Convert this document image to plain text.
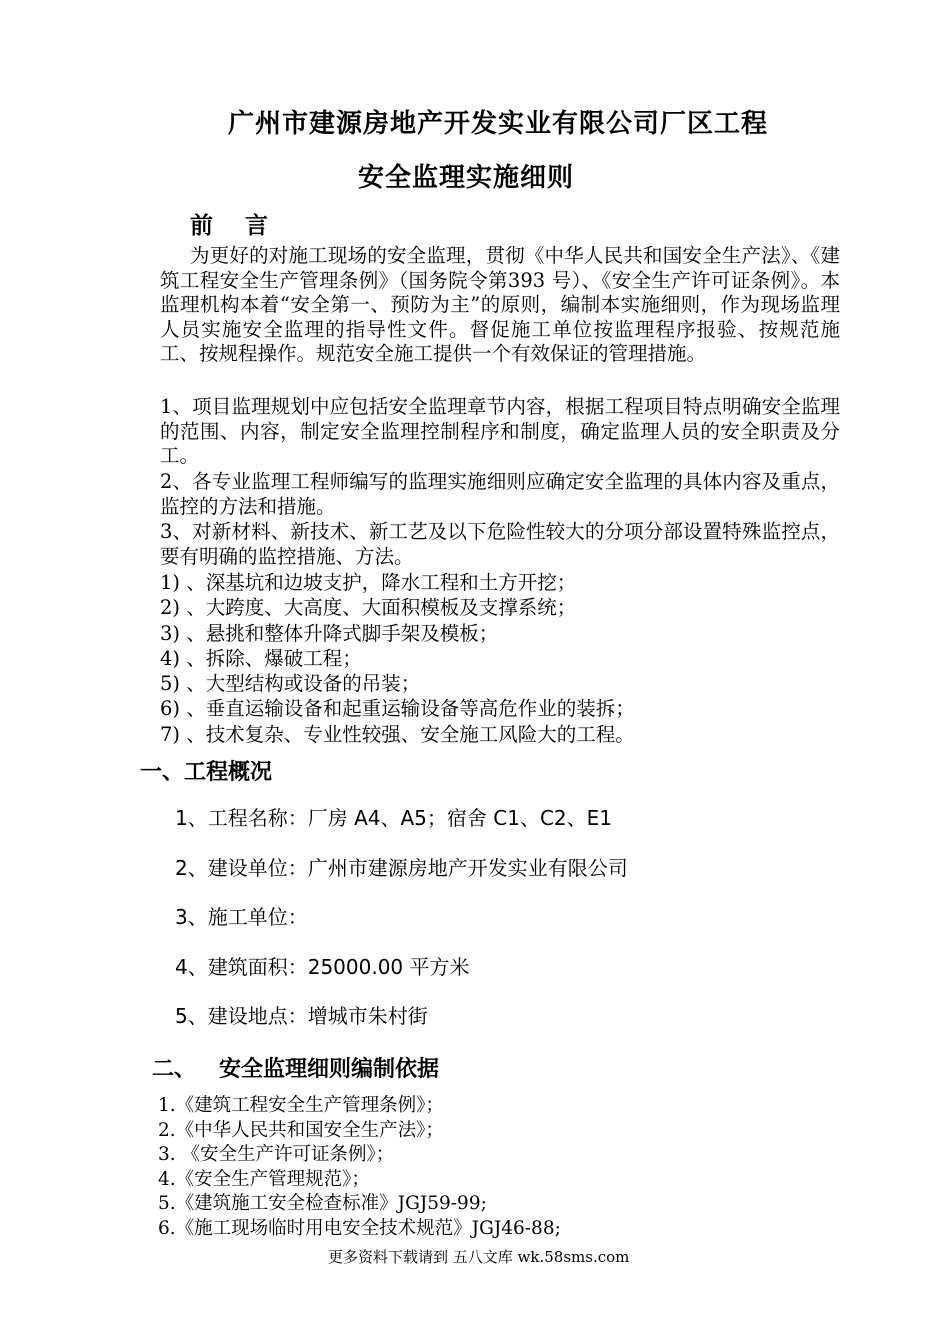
广州市建源房地产开发实业有限公司厂区工程
安全监理实施细则
前 言
为更好的对施工现场的安全监理，贯彻《中华人民共和国安全生产法》、《建筑工程安全生产管理条例》（国务院令第393 号）、《安全生产许可证条例》。本监理机构本着“安全第一、预防为主”的原则，编制本实施细则，作为现场监理人员实施安全监理的指导性文件。督促施工单位按监理程序报验、按规范施工、按规程操作。规范安全施工提供一个有效保证的管理措施。
1、项目监理规划中应包括安全监理章节内容，根据工程项目特点明确安全监理的范围、内容，制定安全监理控制程序和制度，确定监理人员的安全职责及分工。
2、各专业监理工程师编写的监理实施细则应确定安全监理的具体内容及重点，监控的方法和措施。
3、对新材料、新技术、新工艺及以下危险性较大的分项分部设置特殊监控点，要有明确的监控措施、方法。
1) 、深基坑和边坡支护，降水工程和土方开挖；
2) 、大跨度、大高度、大面积模板及支撑系统；
3) 、悬挑和整体升降式脚手架及模板；
4) 、拆除、爆破工程；
5) 、大型结构或设备的吊装；
6) 、垂直运输设备和起重运输设备等高危作业的装拆；
7) 、技术复杂、专业性较强、安全施工风险大的工程。
一、工程概况
1、工程名称：厂房 A4、A5；宿舍 C1、C2、E1
2、建设单位：广州市建源房地产开发实业有限公司
3、施工单位：
4、建筑面积：25000.00 平方米
5、建设地点：增城市朱村街
二、   安全监理细则编制依据
1.《建筑工程安全生产管理条例》；
2.《中华人民共和国安全生产法》；
3. 《安全生产许可证条例》；
4.《安全生产管理规范》；
5.《建筑施工安全检查标准》JGJ59-99;
6.《施工现场临时用电安全技术规范》JGJ46-88;
更多资料下载请到 五八文库 wk.58sms.com
